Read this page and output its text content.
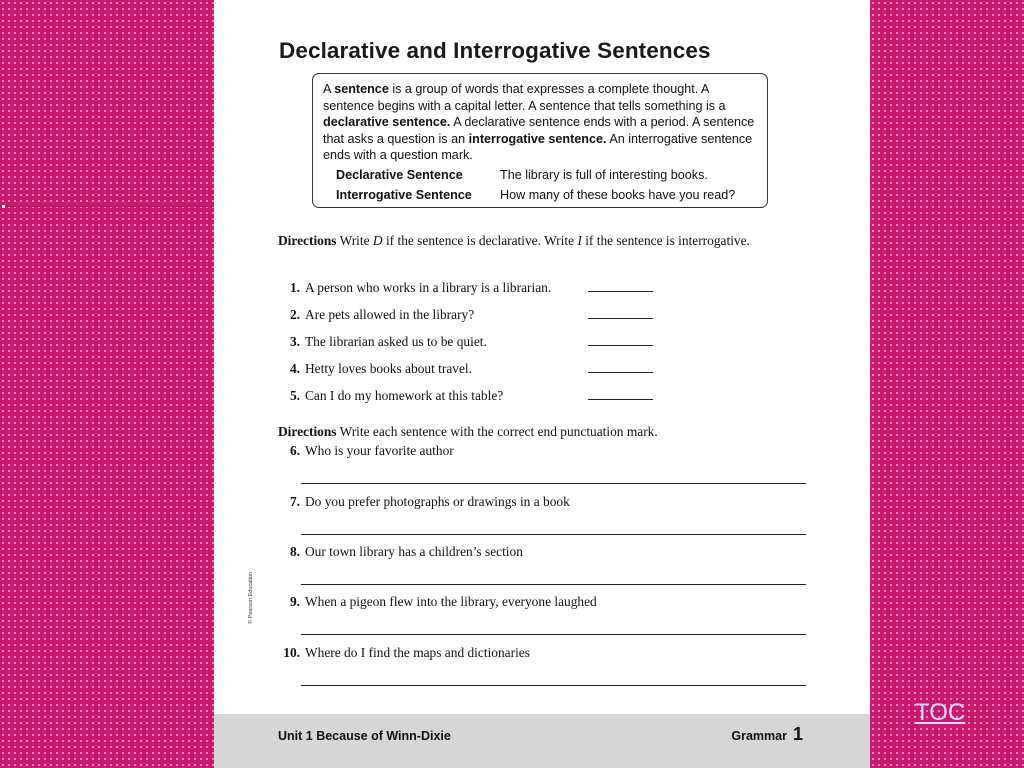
Declarative and Interrogative Sentences
A sentence is a group of words that expresses a complete thought. A sentence begins with a capital letter. A sentence that tells something is a declarative sentence. A declarative sentence ends with a period. A sentence that asks a question is an interrogative sentence. An interrogative sentence ends with a question mark.
Declarative Sentence	The library is full of interesting books.
Interrogative Sentence	How many of these books have you read?
Directions Write D if the sentence is declarative. Write I if the sentence is interrogative.
1. A person who works in a library is a librarian.
2. Are pets allowed in the library?
3. The librarian asked us to be quiet.
4. Hetty loves books about travel.
5. Can I do my homework at this table?
Directions Write each sentence with the correct end punctuation mark.
6. Who is your favorite author
7. Do you prefer photographs or drawings in a book
8. Our town library has a children’s section
9. When a pigeon flew into the library, everyone laughed
10. Where do I find the maps and dictionaries
© Pearson Education
Unit 1 Because of Winn-Dixie	Grammar 1
TOC
